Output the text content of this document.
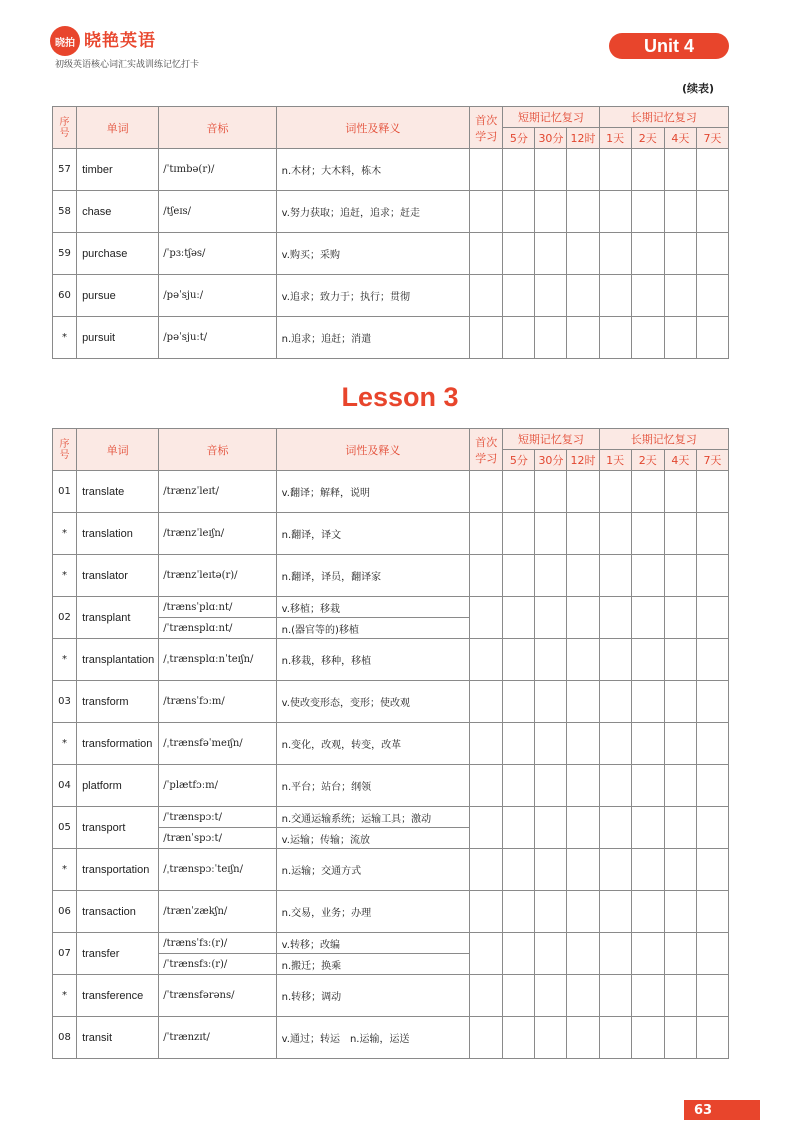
晓拍 晓艳英语
初级英语核心词汇实战训练记忆打卡
Unit 4
(续表)
序号	单词	音标	词性及释义	首次学习	短期记忆复习			长期记忆复习			
					5分	30分	12时	1天	2天	4天	7天
57	timber	/ˈtɪmbə(r)/	n.木材；大木料，栋木								
58	chase	/tʃeɪs/	v.努力获取；追赶，追求；赶走								
59	purchase	/ˈpɜːtʃəs/	v.购买；采购								
60	pursue	/pəˈsjuː/	v.追求；致力于；执行；贯彻								
*	pursuit	/pəˈsjuːt/	n.追求；追赶；消遣								
Lesson 3
序号	单词	音标	词性及释义	首次学习	短期记忆复习			长期记忆复习			
					5分	30分	12时	1天	2天	4天	7天
01	translate	/trænzˈleɪt/	v.翻译；解释，说明								
*	translation	/trænzˈleɪʃn/	n.翻译，译文								
*	translator	/trænzˈleɪtə(r)/	n.翻译，译员，翻译家								
02	transplant	/trænsˈplɑːnt/	v.移植；移栽								
		/ˈtrænsplɑːnt/	n.(器官等的)移植								
*	transplantation	/ˌtrænsplɑːnˈteɪʃn/	n.移栽，移种，移植								
03	transform	/trænsˈfɔːm/	v.使改变形态，变形；使改观								
*	transformation	/ˌtrænsfəˈmeɪʃn/	n.变化，改观，转变，改革								
04	platform	/ˈplætfɔːm/	n.平台；站台；纲领								
05	transport	/ˈtrænspɔːt/	n.交通运输系统；运输工具；激动								
		/trænˈspɔːt/	v.运输；传输；流放								
*	transportation	/ˌtrænspɔːˈteɪʃn/	n.运输；交通方式								
06	transaction	/trænˈzækʃn/	n.交易，业务；办理								
07	transfer	/trænsˈfɜː(r)/	v.转移；改编								
		/ˈtrænsfɜː(r)/	n.搬迁；换乘								
*	transference	/ˈtrænsfərəns/	n.转移；调动								
08	transit	/ˈtrænzɪt/	v.通过；转运　n.运输，运送								
63
